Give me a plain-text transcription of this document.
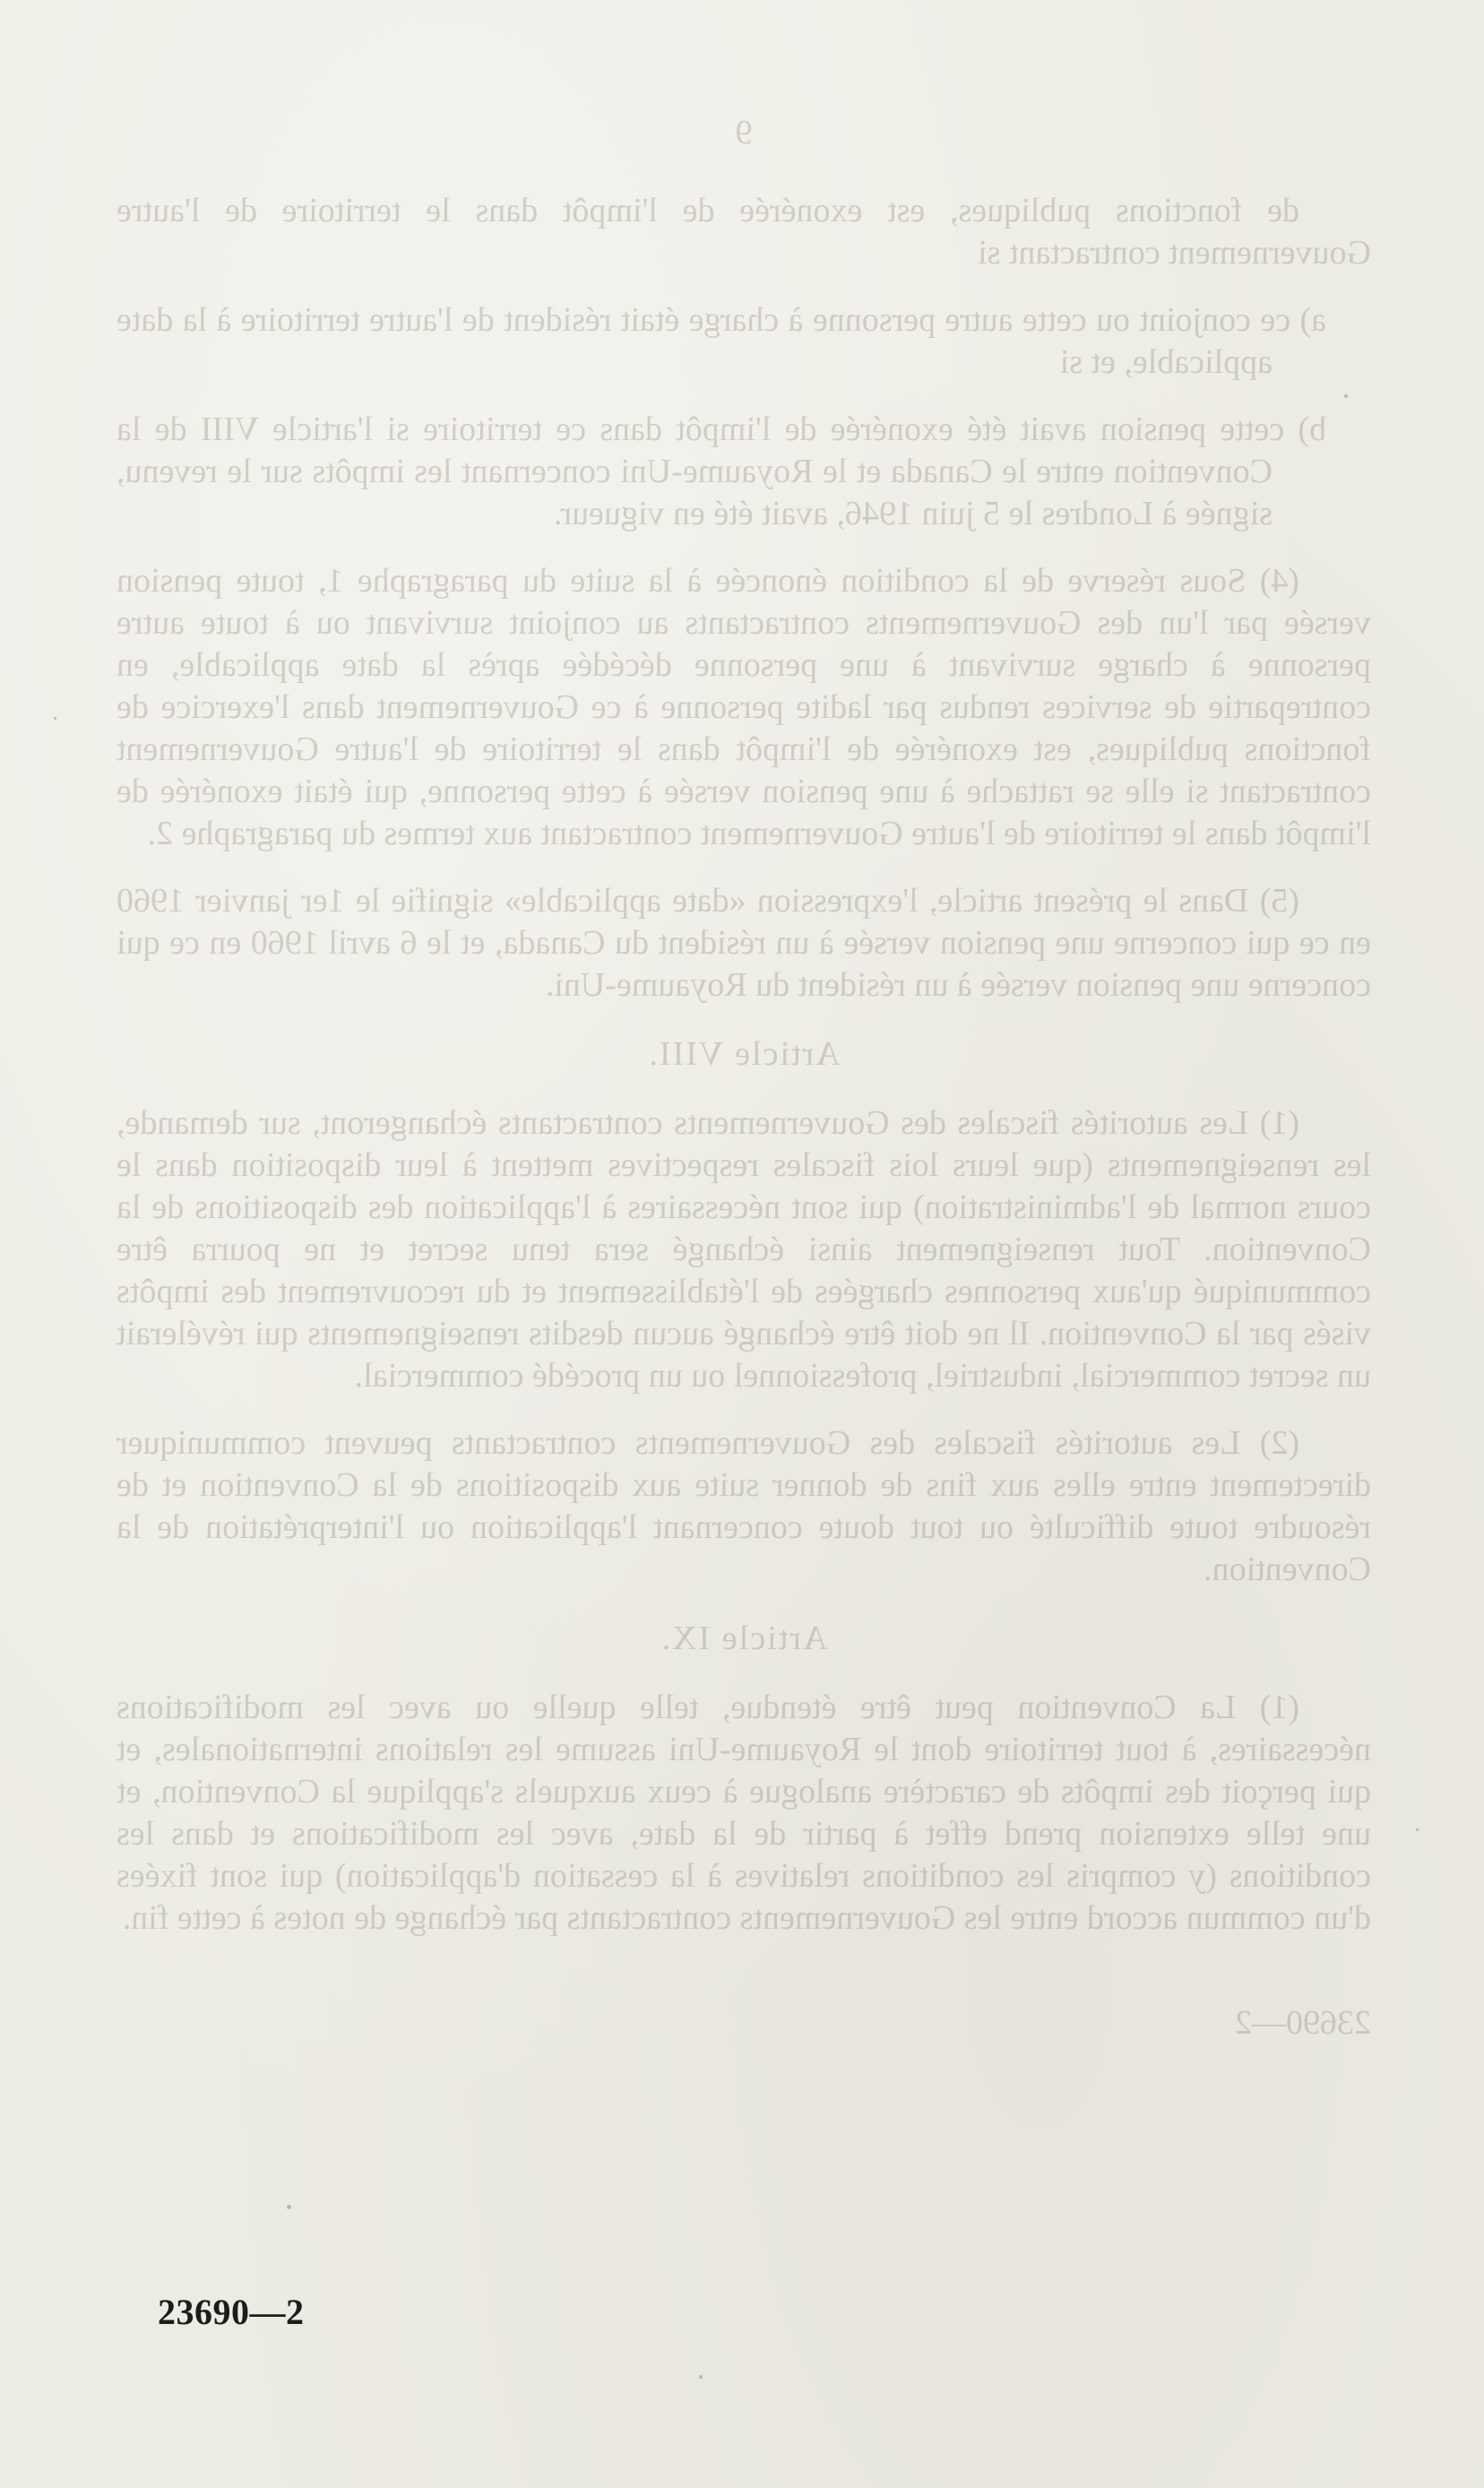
9

de fonctions publiques, est exonérée de l'impôt dans le territoire de l'autre Gouvernement contractant si

a) ce conjoint ou cette autre personne à charge était résident de l'autre territoire à la date applicable, et si

b) cette pension avait été exonérée de l'impôt dans ce territoire si l'article VIII de la Convention entre le Canada et le Royaume-Uni concernant les impôts sur le revenu, signée à Londres le 5 juin 1946, avait été en vigueur.

(4) Sous réserve de la condition énoncée à la suite du paragraphe 1, toute pension versée par l'un des Gouvernements contractants au conjoint survivant ou à toute autre personne à charge survivant à une personne décédée après la date applicable, en contrepartie de services rendus par ladite personne à ce Gouvernement dans l'exercice de fonctions publiques, est exonérée de l'impôt dans le territoire de l'autre Gouvernement contractant si elle se rattache à une pension versée à cette personne, qui était exonérée de l'impôt dans le territoire de l'autre Gouvernement contractant aux termes du paragraphe 2.

(5) Dans le présent article, l'expression «date applicable» signifie le 1er janvier 1960 en ce qui concerne une pension versée à un résident du Canada, et le 6 avril 1960 en ce qui concerne une pension versée à un résident du Royaume-Uni.

Article VIII.

(1) Les autorités fiscales des Gouvernements contractants échangeront, sur demande, les renseignements (que leurs lois fiscales respectives mettent à leur disposition dans le cours normal de l'administration) qui sont nécessaires à l'application des dispositions de la Convention. Tout renseignement ainsi échangé sera tenu secret et ne pourra être communiqué qu'aux personnes chargées de l'établissement et du recouvrement des impôts visés par la Convention. Il ne doit être échangé aucun desdits renseignements qui révélerait un secret commercial, industriel, professionnel ou un procédé commercial.

(2) Les autorités fiscales des Gouvernements contractants peuvent communiquer directement entre elles aux fins de donner suite aux dispositions de la Convention et de résoudre toute difficulté ou tout doute concernant l'application ou l'interprétation de la Convention.

Article IX.

(1) La Convention peut être étendue, telle quelle ou avec les modifications nécessaires, à tout territoire dont le Royaume-Uni assume les relations internationales, et qui perçoit des impôts de caractère analogue à ceux auxquels s'applique la Convention, et une telle extension prend effet à partir de la date, avec les modifications et dans les conditions (y compris les conditions relatives à la cessation d'application) qui sont fixées d'un commun accord entre les Gouvernements contractants par échange de notes à cette fin.

23690—2

23690—2
